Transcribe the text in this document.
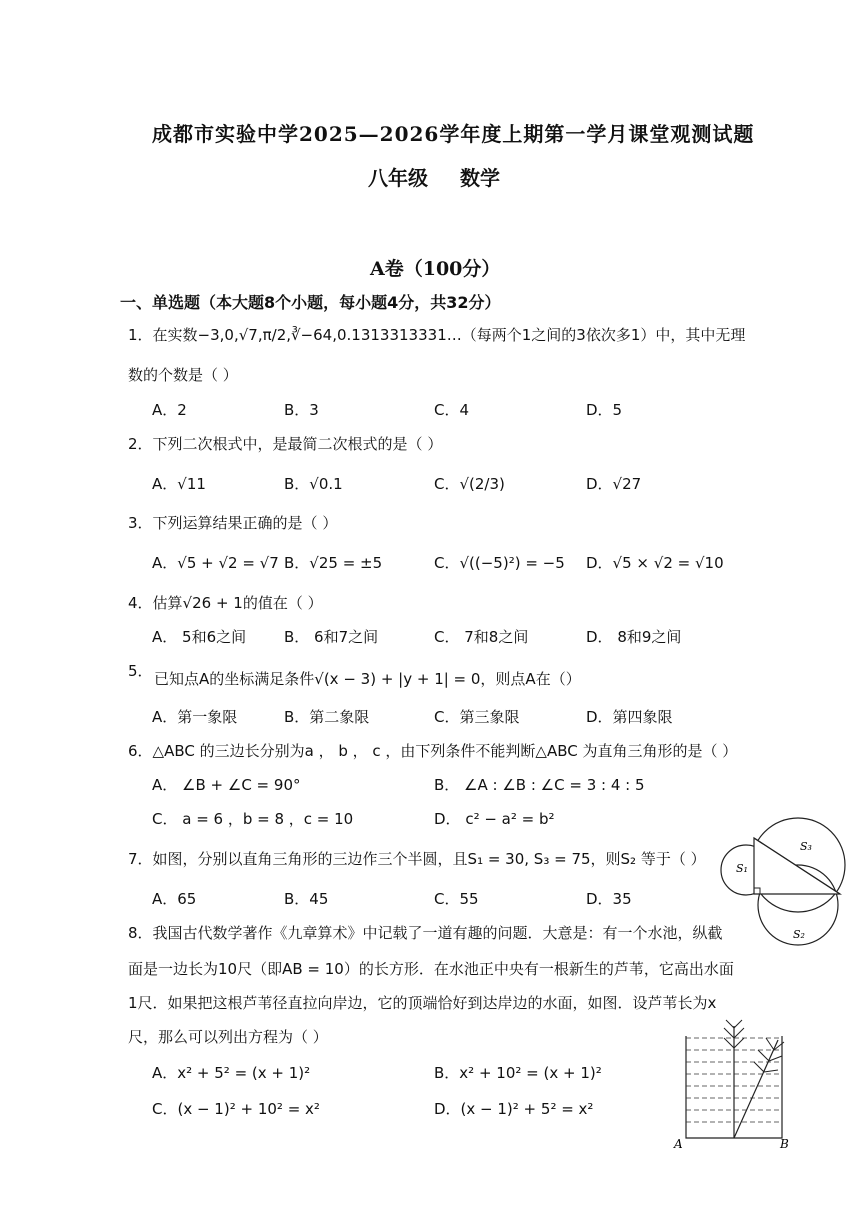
成都市实验中学2025—2026学年度上期第一学月课堂观测试题
八年级 数学
A卷（100分）
一、单选题（本大题8个小题，每小题4分，共32分）
1．在实数−3,0,√7,π/2,∛−64,0.1313313331…（每两个1之间的3依次多1）中，其中无理
数的个数是（ ）
A．2	B．3	C．4	D．5
2．下列二次根式中，是最简二次根式的是（ ）
A．√11	B．√0.1	C．√(2/3)	D．√27
3．下列运算结果正确的是（ ）
A．√5 + √2 = √7 B．√25 = ±5	C．√((−5)²) = −5 D．√5 × √2 = √10
4．估算√26 + 1的值在（ ）
A． 5和6之间	B． 6和7之间	C． 7和8之间	D． 8和9之间
5． 已知点A的坐标满足条件√(x − 3) + |y + 1| = 0，则点A在（）
A．第一象限	B．第二象限	C．第三象限	D．第四象限
6．△ABC 的三边长分别为a ， b ， c ，由下列条件不能判断△ABC 为直角三角形的是（ ）
A． ∠B + ∠C = 90°	B． ∠A : ∠B : ∠C = 3 : 4 : 5
C． a = 6 ，b = 8 ，c = 10	D． c² − a² = b²
7．如图，分别以直角三角形的三边作三个半圆，且S₁ = 30, S₃ = 75，则S₂ 等于（ ）
A．65	B．45	C．55	D．35
S₁
S₂
S₃
8．我国古代数学著作《九章算术》中记载了一道有趣的问题．大意是：有一个水池，纵截
面是一边长为10尺（即AB = 10）的长方形．在水池正中央有一根新生的芦苇，它高出水面
1尺．如果把这根芦苇径直拉向岸边，它的顶端恰好到达岸边的水面，如图．设芦苇长为x
尺，那么可以列出方程为（ ）
A．x² + 5² = (x + 1)²	B．x² + 10² = (x + 1)²
C．(x − 1)² + 10² = x²	D．(x − 1)² + 5² = x²
A	B
